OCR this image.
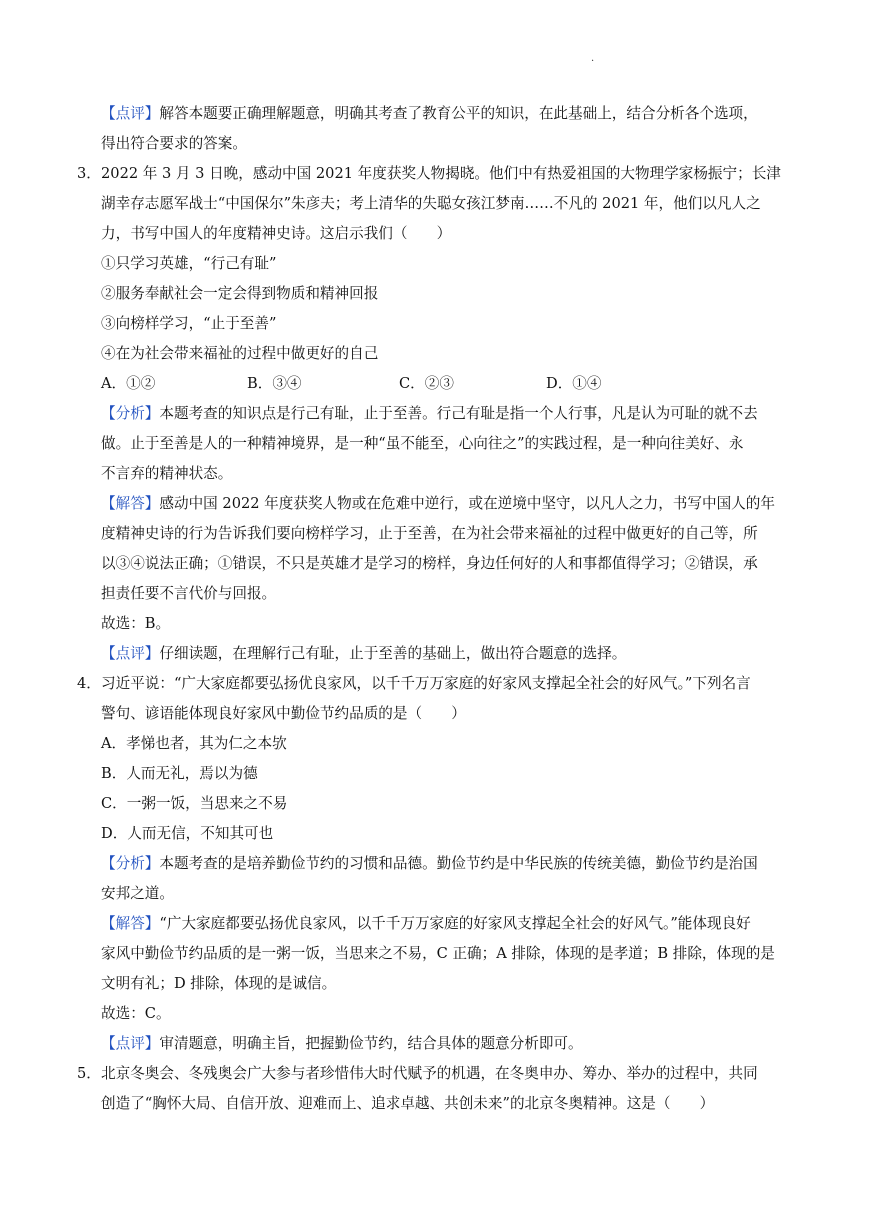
.
【点评】解答本题要正确理解题意，明确其考查了教育公平的知识，在此基础上，结合分析各个选项，
得出符合要求的答案。
3． 2022 年 3 月 3 日晚，感动中国 2021 年度获奖人物揭晓。他们中有热爱祖国的大物理学家杨振宁；长津
湖幸存志愿军战士“中国保尔”朱彦夫；考上清华的失聪女孩江梦南……不凡的 2021 年，他们以凡人之
力，书写中国人的年度精神史诗。这启示我们（　　）
①只学习英雄，“行己有耻”
②服务奉献社会一定会得到物质和精神回报
③向榜样学习，“止于至善”
④在为社会带来福祉的过程中做更好的自己
A．①②	B．③④	C．②③	D．①④
【分析】本题考查的知识点是行己有耻，止于至善。行己有耻是指一个人行事，凡是认为可耻的就不去
做。止于至善是人的一种精神境界，是一种“虽不能至，心向往之”的实践过程，是一种向往美好、永
不言弃的精神状态。
【解答】感动中国 2022 年度获奖人物或在危难中逆行，或在逆境中坚守，以凡人之力，书写中国人的年
度精神史诗的行为告诉我们要向榜样学习，止于至善，在为社会带来福祉的过程中做更好的自己等，所
以③④说法正确；①错误，不只是英雄才是学习的榜样，身边任何好的人和事都值得学习；②错误，承
担责任要不言代价与回报。
故选：B。
【点评】仔细读题，在理解行己有耻，止于至善的基础上，做出符合题意的选择。
4． 习近平说：“广大家庭都要弘扬优良家风，以千千万万家庭的好家风支撑起全社会的好风气。”下列名言
警句、谚语能体现良好家风中勤俭节约品质的是（　　）
A．孝悌也者，其为仁之本欤
B．人而无礼，焉以为德
C．一粥一饭，当思来之不易
D．人而无信，不知其可也
【分析】本题考查的是培养勤俭节约的习惯和品德。勤俭节约是中华民族的传统美德，勤俭节约是治国
安邦之道。
【解答】“广大家庭都要弘扬优良家风，以千千万万家庭的好家风支撑起全社会的好风气。”能体现良好
家风中勤俭节约品质的是一粥一饭，当思来之不易，C 正确；A 排除，体现的是孝道；B 排除，体现的是
文明有礼；D 排除，体现的是诚信。
故选：C。
【点评】审清题意，明确主旨，把握勤俭节约，结合具体的题意分析即可。
5． 北京冬奥会、冬残奥会广大参与者珍惜伟大时代赋予的机遇，在冬奥申办、筹办、举办的过程中，共同
创造了“胸怀大局、自信开放、迎难而上、追求卓越、共创未来”的北京冬奥精神。这是（　　）
